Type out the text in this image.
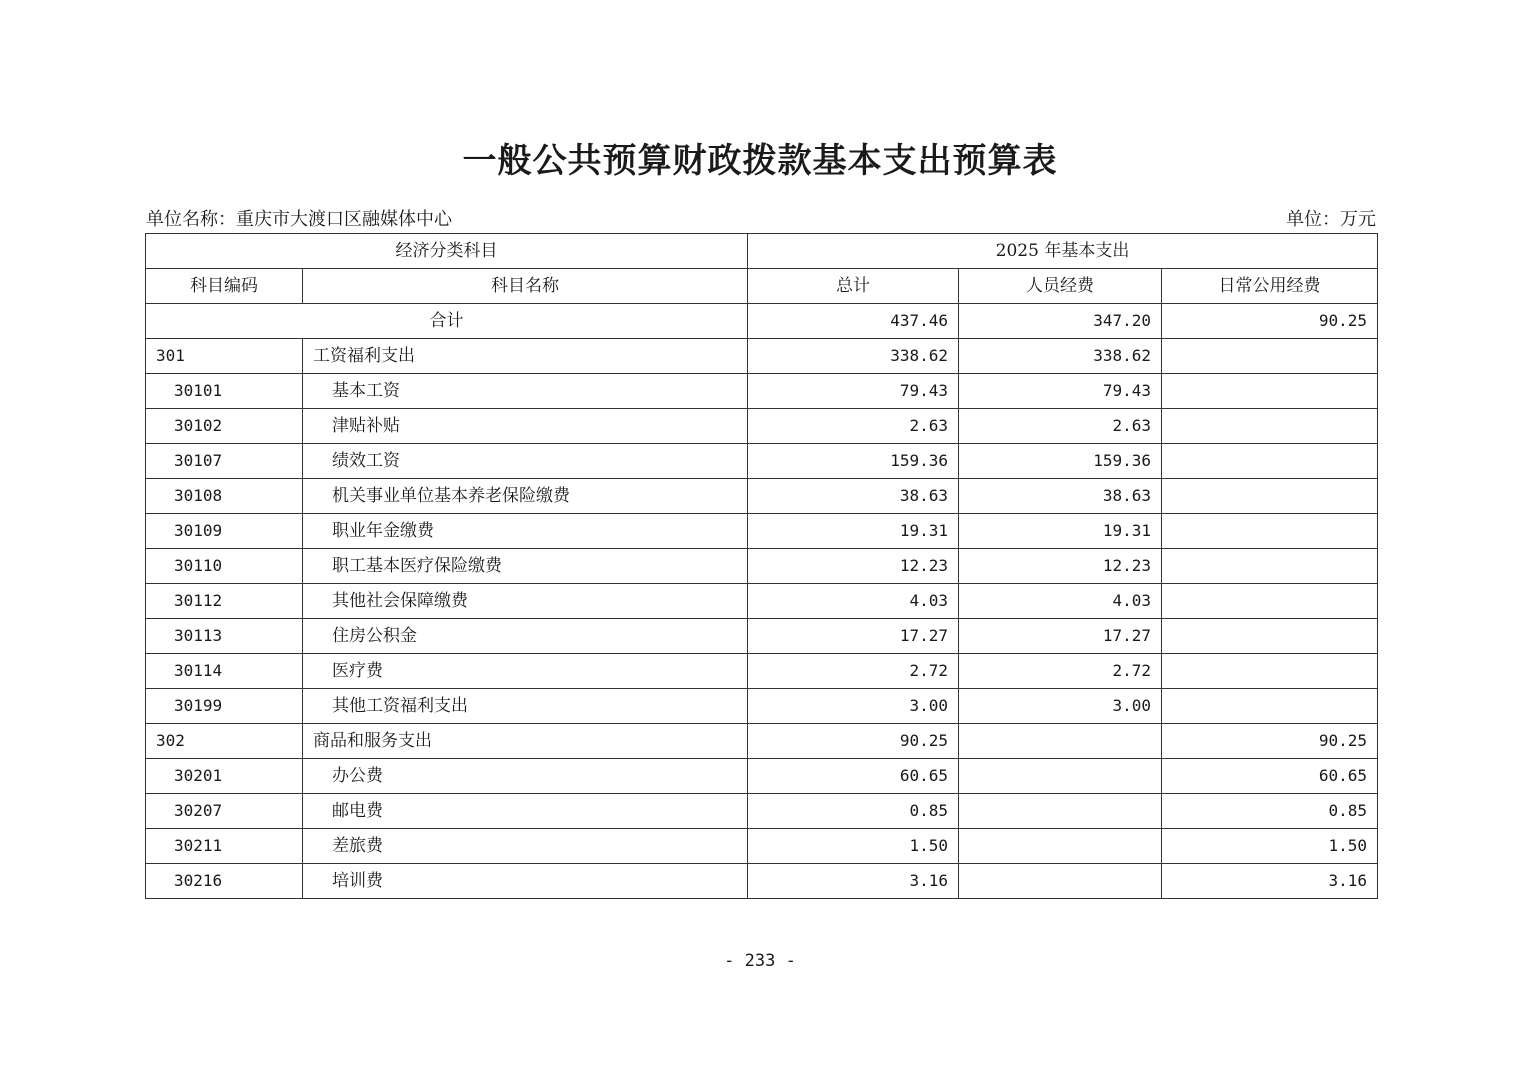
一般公共预算财政拨款基本支出预算表
单位名称：重庆市大渡口区融媒体中心	单位：万元
经济分类科目		2025 年基本支出		
科目编码	科目名称	总计	人员经费	日常公用经费
合计		437.46	347.20	90.25
301	工资福利支出	338.62	338.62	
30101	基本工资	79.43	79.43	
30102	津贴补贴	2.63	2.63	
30107	绩效工资	159.36	159.36	
30108	机关事业单位基本养老保险缴费	38.63	38.63	
30109	职业年金缴费	19.31	19.31	
30110	职工基本医疗保险缴费	12.23	12.23	
30112	其他社会保障缴费	4.03	4.03	
30113	住房公积金	17.27	17.27	
30114	医疗费	2.72	2.72	
30199	其他工资福利支出	3.00	3.00	
302	商品和服务支出	90.25		90.25
30201	办公费	60.65		60.65
30207	邮电费	0.85		0.85
30211	差旅费	1.50		1.50
30216	培训费	3.16		3.16
- 233 -
